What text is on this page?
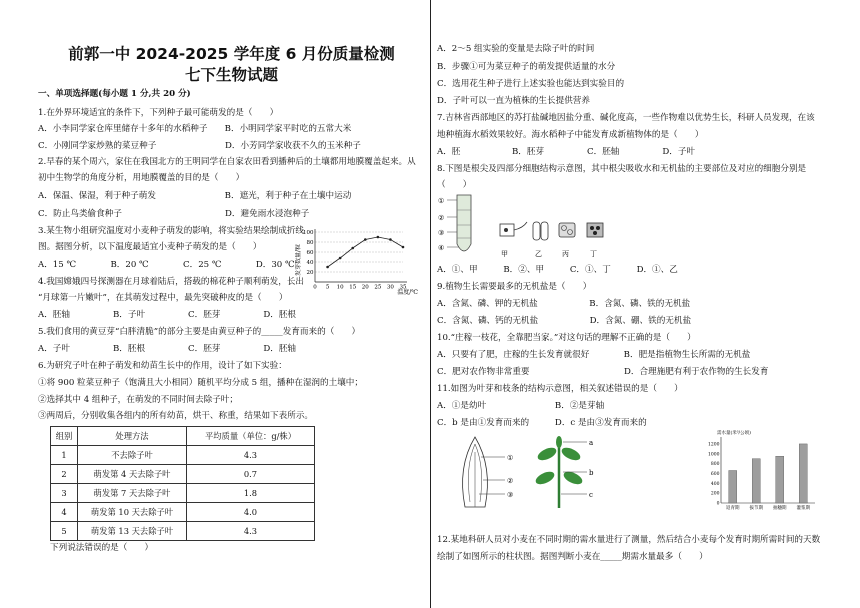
前郭一中 2024-2025 学年度 6 月份质量检测
七下生物试题
一、单项选择题(每小题 1 分,共 20 分)
1.在外界环境适宜的条件下，下列种子最可能萌发的是（　　）
A．小李同学家仓库里储存十多年的水稻种子　　B．小明同学家平时吃的五常大米
C．小刚同学家炒熟的菜豆种子　　　　　　　　D．小芳同学家收获不久的玉米种子
2.早春的某个周六，家住在我国北方的王明同学在自家农田看到播种后的土壤都用地膜覆盖起来。从
初中生物学的角度分析，用地膜覆盖的目的是（　　）
A．保温、保湿，利于种子萌发　　　　　　　　B．遮光，利于种子在土壤中运动
C．防止鸟类偷食种子　　　　　　　　　　　　D．避免雨水浸泡种子
3.某生物小组研究温度对小麦种子萌发的影响，将实验结果绘制成折线
图。据图分析，以下温度最适宜小麦种子萌发的是（　　）
A．15 ℃　　　　B．20 ℃　　　　C．25 ℃　　　　D．30 ℃
4.我国嫦娥四号探测器在月球着陆后，搭载的棉花种子顺利萌发，长出
“月球第一片嫩叶”，在其萌发过程中，最先突破种皮的是（　　）
A．胚轴　　　　　B．子叶　　　　　C．胚芽　　　　　D．胚根
5.我们食用的黄豆芽“白胖清脆”的部分主要是由黄豆种子的_____发育而来的（　　）
A．子叶　　　　　B．胚根　　　　　C．胚芽　　　　　D．胚轴
6.为研究子叶在种子萌发和幼苗生长中的作用，设计了如下实验：
①将 900 粒菜豆种子（饱满且大小相同）随机平均分成 5 组，播种在湿润的土壤中；
②选择其中 4 组种子，在萌发的不同时间去除子叶；
③两周后，分别收集各组内的所有幼苗，烘干、称重，结果如下表所示。
发芽数量/粒
温度/℃
100
80
60
40
20
0 5 10 15 20 25 30 35
组别	处理方法	平均质量（单位：g/株）
1	不去除子叶	4.3
2	萌发第 4 天去除子叶	0.7
3	萌发第 7 天去除子叶	1.8
4	萌发第 10 天去除子叶	4.0
5	萌发第 13 天去除子叶	4.3
下列说法错误的是（　　）
A．2～5 组实验的变量是去除子叶的时间
B．步骤①可为菜豆种子的萌发提供适量的水分
C．选用花生种子进行上述实验也能达到实验目的
D．子叶可以一直为植株的生长提供营养
7.吉林省西部地区的苏打盐碱地因盐分重、碱化度高，一些作物难以优势生长，科研人员发现，在该
地种植海水稻效果较好。海水稻种子中能发育成新植物体的是（　　）
A．胚　　　　　　B．胚芽　　　　　C．胚轴　　　　　D．子叶
8.下图是根尖及四部分细胞结构示意图，其中根尖吸收水和无机盐的主要部位及对应的细胞分别是
（　　）
①
②
③
④
甲	乙	丙	丁
A．①、甲　　　B．②、甲　　　C．①、丁　　　D．①、乙
9.植物生长需要最多的无机盐是（　　）
A．含氮、磷、钾的无机盐　　　　　　B．含氮、磷、铁的无机盐
C．含氮、磷、钙的无机盐　　　　　　D．含氮、硼、铁的无机盐
10.“庄稼一枝花，全靠肥当家。”对这句话的理解不正确的是（　　）
A．只要有了肥，庄稼的生长发育就很好　　　　B．肥是指植物生长所需的无机盐
C．肥对农作物非常重要　　　　　　　　　　　D．合理施肥有利于农作物的生长发育
11.如图为叶芽和枝条的结构示意图，相关叙述错误的是（　　）
A．①是幼叶　　　　　　　　B．②是芽轴
C．b 是由①发育而来的　　　D．c 是由③发育而来的
①
②
③
a
b
c
需水量(米³/公顷)
1200
1000
800
600
400
200
0
返青期 拔节期 抽穗期 灌浆期
12.某地科研人员对小麦在不同时期的需水量进行了测量，然后结合小麦每个发育时期所需时间的天数
绘制了如图所示的柱状图。据图判断小麦在_____期需水量最多（　　）
